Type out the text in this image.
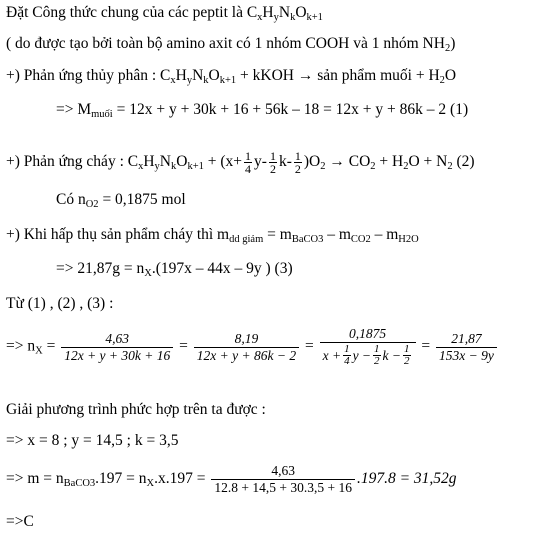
Đặt Công thức chung của các peptit là $C_xH_yN_kO_{k+1}$
( do được tạo bởi toàn bộ amino axit có 1 nhóm COOH và 1 nhóm $NH_2$)
+) Phản ứng thủy phân : $C_xH_yN_kO_{k+1}$ + kKOH → sản phẩm muối + $H_2O$
=> $M_{muối} = 12x + y + 30k + 16 + 56k - 18 = 12x + y + 86k - 2$ (1)
+) Phản ứng cháy : $C_xH_yN_kO_{k+1} + (x+ \frac{1}{4} y- \frac{1}{2} k- \frac{1}{2} )O_2 \to CO_2 + H_2O + N_2$ (2)
Có $n_{O2} = 0,1875$ mol
+) Khi hấp thụ sản phẩm cháy thì $m_{dd giảm} = m_{BaCO3} - m_{CO2} - m_{H2O}$
=> $21,87g = n_X.(197x - 44x - 9y$ ) (3)
Từ (1) , (2) , (3) :
=> $n_X = \frac{4,63}{12x + y + 30k + 16} = \frac{8,19}{12x + y + 86k - 2} = \frac{0,1875}{x + \frac{1}{4} y - \frac{1}{2} k - \frac{1}{2}} = \frac{21,87}{153x - 9y}$
Giải phương trình phức hợp trên ta được :
=> x = 8 ; y = 14,5 ; k = 3,5
=> $m = n_{BaCO3}.197 = n_X.x.197 = \frac{4,63}{12.8 + 14,5 + 30.3,5 + 16} .197.8 = 31,52g$
=>C
